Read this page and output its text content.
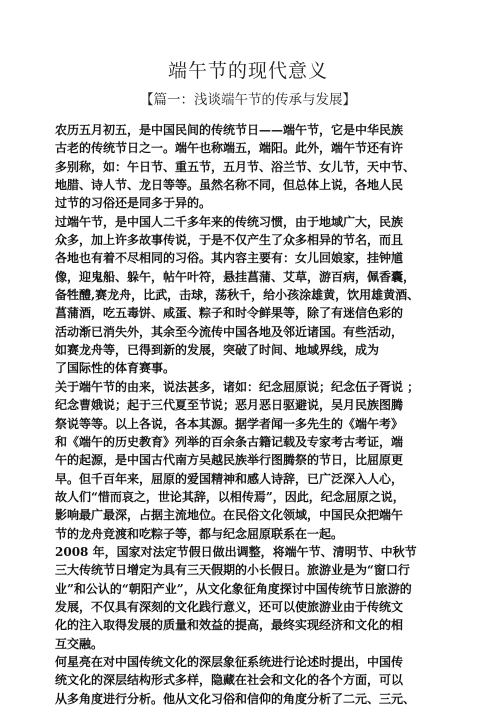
端午节的现代意义
【篇一：浅谈端午节的传承与发展】
农历五月初五，是中国民间的传统节日——端午节，它是中华民族
古老的传统节日之一。端午也称端五，端阳。此外，端午节还有许
多别称，如：午日节、重五节，五月节、浴兰节、女儿节，天中节、
地腊、诗人节、龙日等等。虽然名称不同，但总体上说，各地人民
过节的习俗还是同多于异的。
过端午节，是中国人二千多年来的传统习惯，由于地域广大，民族
众多，加上许多故事传说，于是不仅产生了众多相异的节名，而且
各地也有着不尽相同的习俗。其内容主要有：女儿回娘家，挂钟馗
像，迎鬼船、躲午，帖午叶符，悬挂菖蒲、艾草，游百病，佩香囊，
备牲醴,赛龙舟，比武，击球，荡秋千，给小孩涂雄黄，饮用雄黄酒、
菖蒲酒，吃五毒饼、咸蛋、粽子和时令鲜果等，除了有迷信色彩的
活动渐已消失外，其余至今流传中国各地及邻近诸国。有些活动，
如赛龙舟等，已得到新的发展，突破了时间、地域界线，成为
了国际性的体育赛事。
关于端午节的由来，说法甚多，诸如：纪念屈原说；纪念伍子胥说 ；
纪念曹娥说；起于三代夏至节说；恶月恶日驱避说，吴月民族图腾
祭说等等。以上各说，各本其源。据学者闻一多先生的《端午考》
和《端午的历史教育》列举的百余条古籍记载及专家考古考证，端
午的起源，是中国古代南方吴越民族举行图腾祭的节日，比屈原更
早。但千百年来，屈原的爱国精神和感人诗辞，已广泛深入人心，
故人们“惜而哀之，世论其辞，以相传焉”，因此，纪念屈原之说，
影响最广最深，占据主流地位。在民俗文化领域，中国民众把端午
节的龙舟竞渡和吃粽子等，都与纪念屈原联系在一起。
2008 年，国家对法定节假日做出调整，将端午节、清明节、中秋节
三大传统节日增定为具有三天假期的小长假日。旅游业是为“窗口行
业”和公认的“朝阳产业”，从文化象征角度探讨中国传统节日旅游的
发展，不仅具有深刻的文化践行意义，还可以使旅游业由于传统文
化的注入取得发展的质量和效益的提高，最终实现经济和文化的相
互交融。
何星亮在对中国传统文化的深层象征系统进行论述时提出，中国传
统文化的深层结构形式多样，隐藏在社会和文化的各个方面，可以
从多角度进行分析。他从文化习俗和信仰的角度分析了二元、三元、
